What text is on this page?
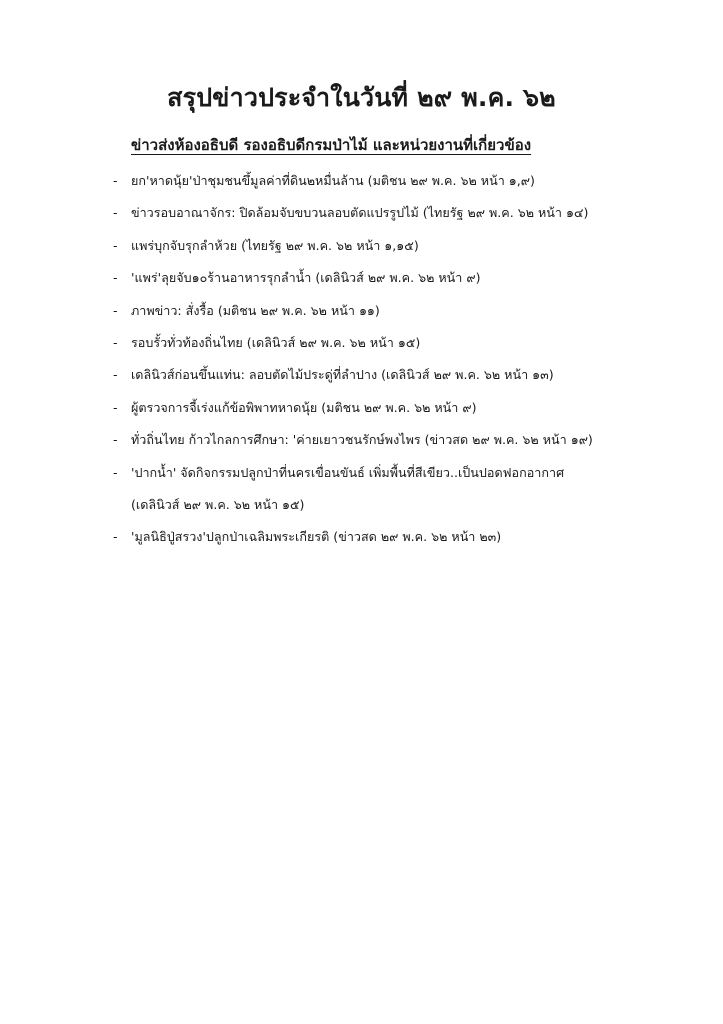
สรุปข่าวประจำในวันที่ ๒๙ พ.ค. ๖๒
ข่าวส่งห้องอธิบดี รองอธิบดีกรมป่าไม้ และหน่วยงานที่เกี่ยวข้อง
- ยก'หาดนุ้ย'ป่าชุมชนขึ้มูลค่าที่ดิน๒หมื่นล้าน (มติชน ๒๙ พ.ค. ๖๒ หน้า ๑,๙)
- ข่าวรอบอาณาจักร: ปิดล้อมจับขบวนลอบตัดแปรรูปไม้ (ไทยรัฐ ๒๙ พ.ค. ๖๒ หน้า ๑๔)
- แพร่บุกจับรุกลำห้วย (ไทยรัฐ ๒๙ พ.ค. ๖๒ หน้า ๑,๑๕)
- 'แพร่'ลุยจับ๑๐ร้านอาหารรุกลำน้ำ (เดลินิวส์ ๒๙ พ.ค. ๖๒ หน้า ๙)
- ภาพข่าว: สั่งรื้อ (มติชน ๒๙ พ.ค. ๖๒ หน้า ๑๑)
- รอบรั้วทั่วท้องถิ่นไทย (เดลินิวส์ ๒๙ พ.ค. ๖๒ หน้า ๑๕)
- เดลินิวส์ก่อนขึ้นแท่น: ลอบตัดไม้ประดู่ที่ลำปาง (เดลินิวส์ ๒๙ พ.ค. ๖๒ หน้า ๑๓)
- ผู้ตรวจการจี้เร่งแก้ข้อพิพาทหาดนุ้ย (มติชน ๒๙ พ.ค. ๖๒ หน้า ๙)
- ทั่วถิ่นไทย ก้าวไกลการศึกษา: 'ค่ายเยาวชนรักษ์พงไพร (ข่าวสด ๒๙ พ.ค. ๖๒ หน้า ๑๙)
- 'ปากน้ำ' จัดกิจกรรมปลูกป่าที่นครเขื่อนขันธ์ เพิ่มพื้นที่สีเขียว..เป็นปอดฟอกอากาศ
(เดลินิวส์ ๒๙ พ.ค. ๖๒ หน้า ๑๕)
- 'มูลนิธิปู่สรวง'ปลูกป่าเฉลิมพระเกียรติ (ข่าวสด ๒๙ พ.ค. ๖๒ หน้า ๒๓)
